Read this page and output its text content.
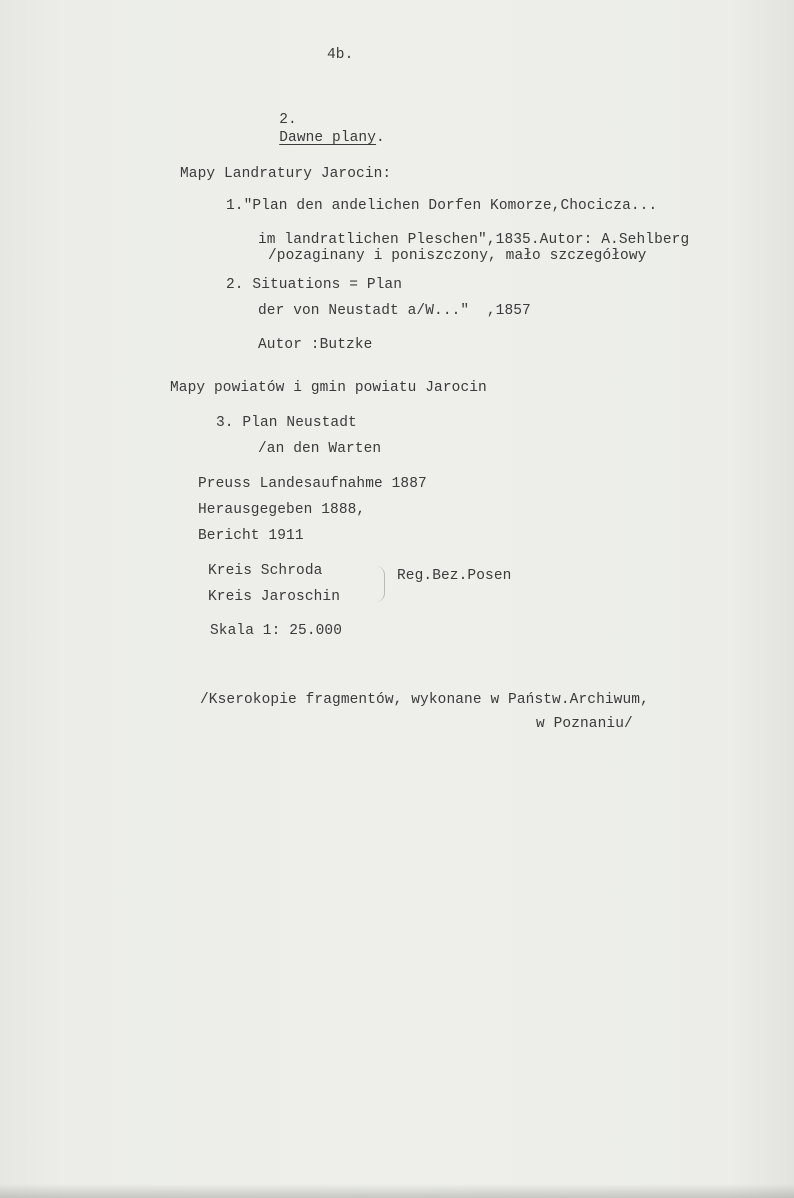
4b.

2.
Dawne plany.

Mapy Landratury Jarocin:
1."Plan den andelichen Dorfen Komorze,Chocicza...
im landratlichen Pleschen",1835.Autor: A.Sehlberg
/pozaginany i poniszczony, mało szczegółowy
2. Situations = Plan
der von Neustadt a/W..."  ,1857
Autor :Butzke
Mapy powiatów i gmin powiatu Jarocin
3. Plan Neustadt
/an den Warten
Preuss Landesaufnahme 1887
Herausgegeben 1888,
Bericht 1911
Kreis Schroda
Kreis Jaroschin
Reg.Bez.Posen
Skala 1: 25.000
/Kserokopie fragmentów, wykonane w Państw.Archiwum,
w Poznaniu/
